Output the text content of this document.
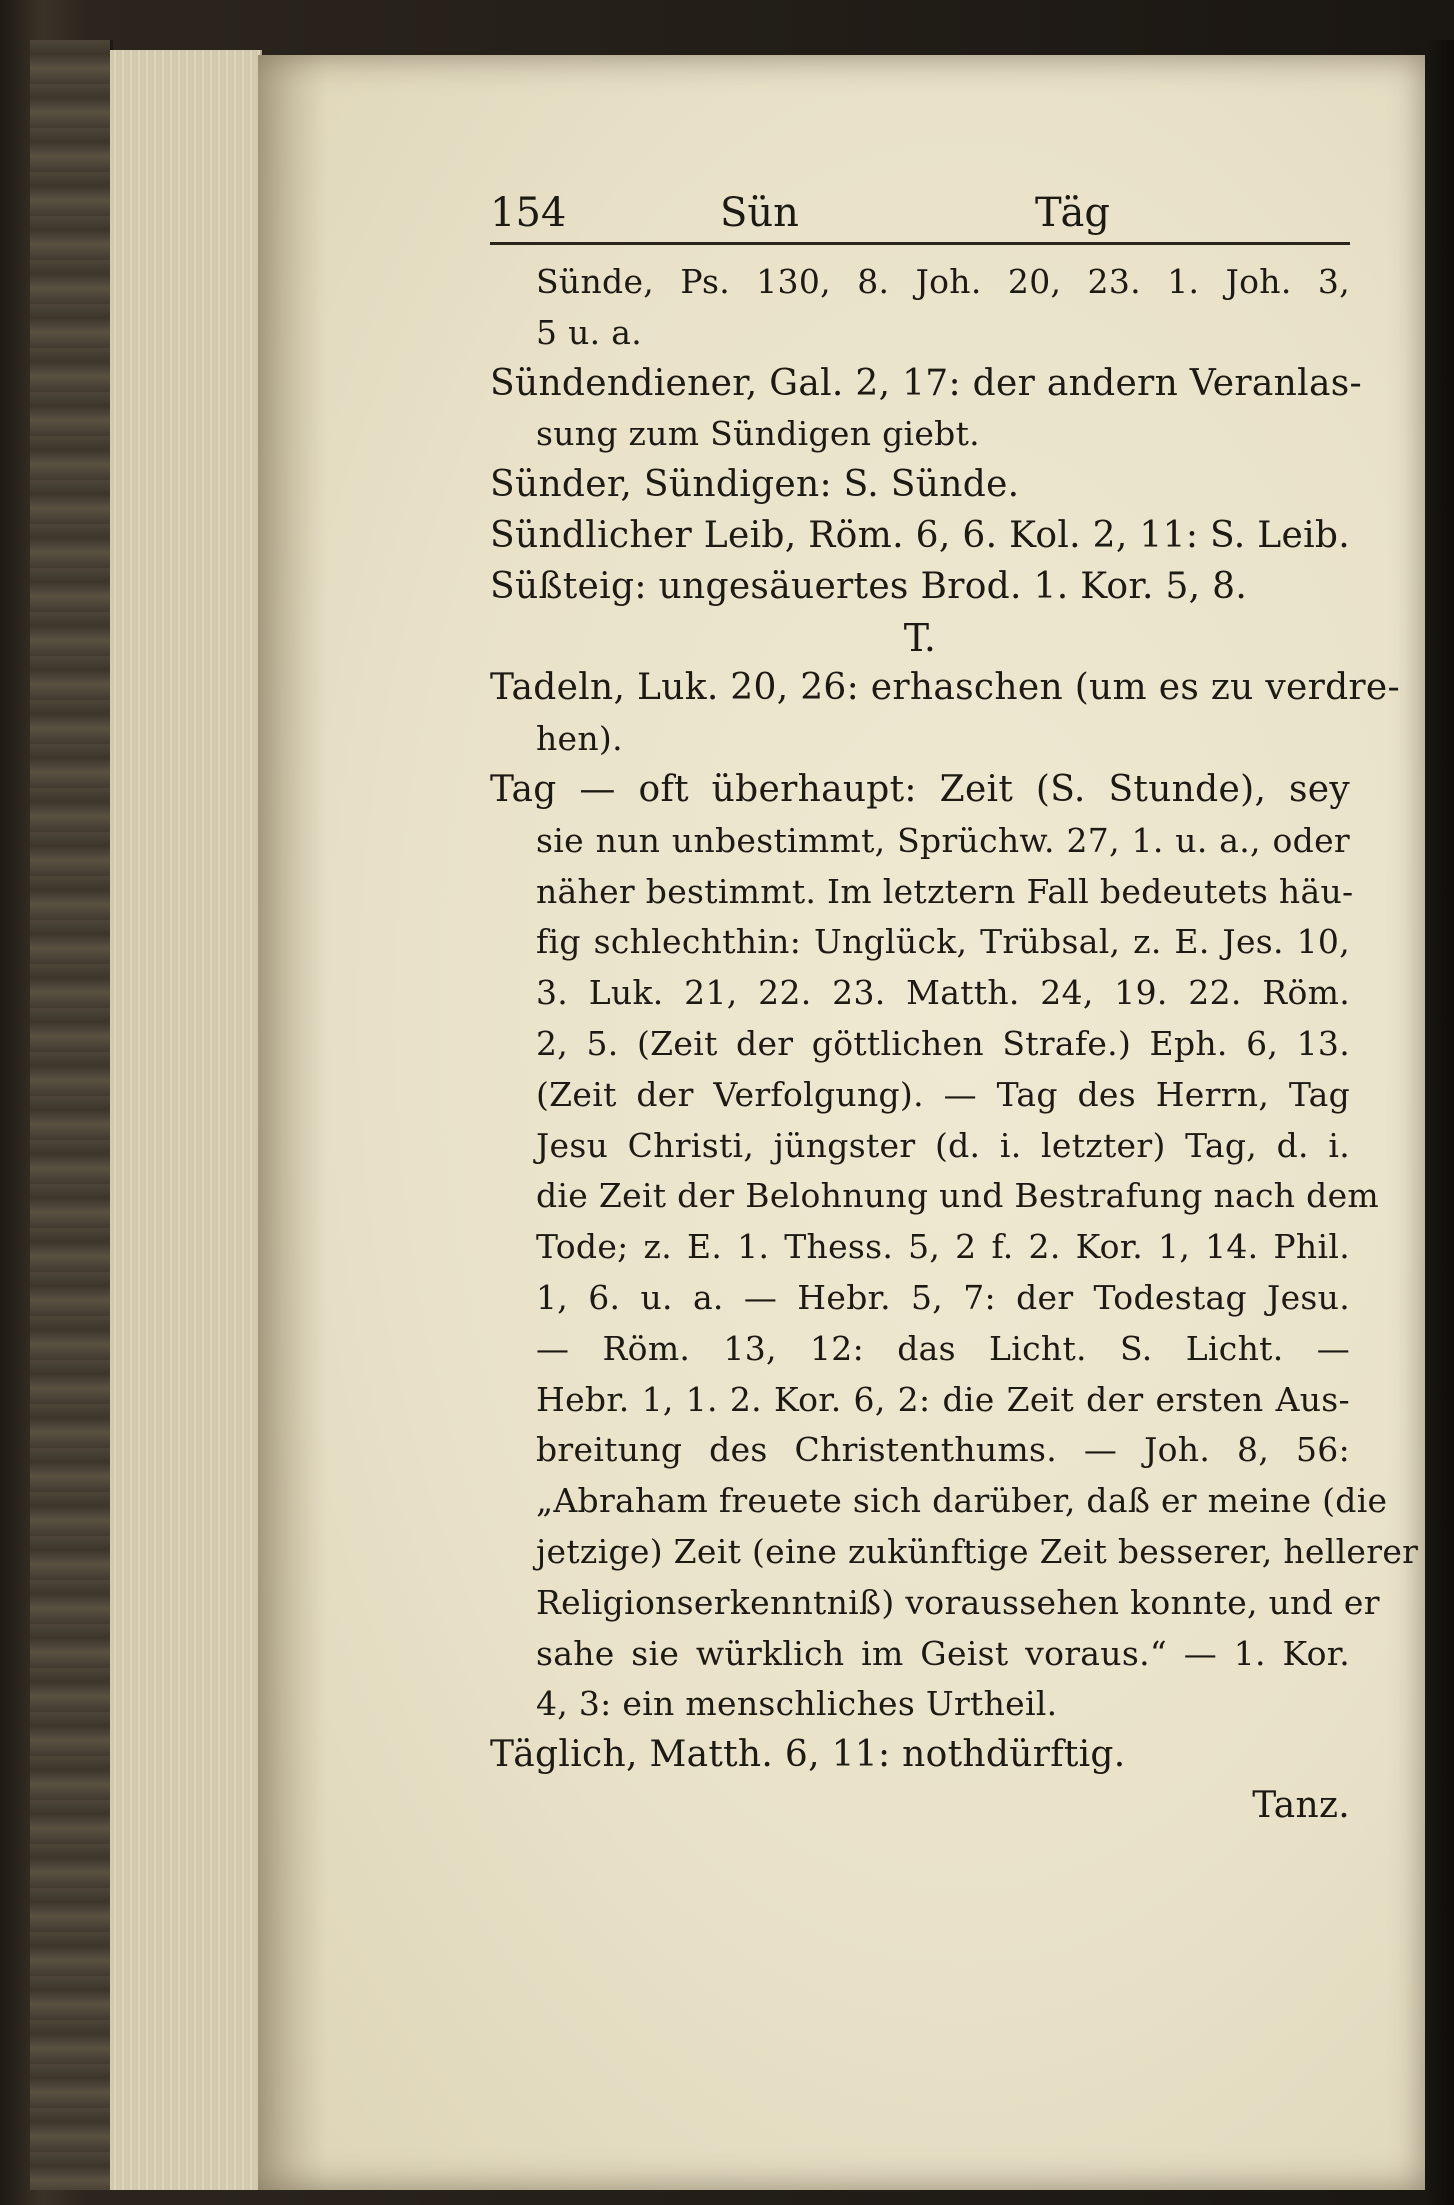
154	Sün	Täg
Sünde, Ps. 130, 8. Joh. 20, 23. 1. Joh. 3,
5 u. a.
Sündendiener, Gal. 2, 17: der andern Veranlas-
sung zum Sündigen giebt.
Sünder, Sündigen: S. Sünde.
Sündlicher Leib, Röm. 6, 6. Kol. 2, 11: S. Leib.
Süßteig: ungesäuertes Brod. 1. Kor. 5, 8.
T.
Tadeln, Luk. 20, 26: erhaschen (um es zu verdre-
hen).
Tag — oft überhaupt: Zeit (S. Stunde), sey
sie nun unbestimmt, Sprüchw. 27, 1. u. a., oder
näher bestimmt. Im letztern Fall bedeutets häu-
fig schlechthin: Unglück, Trübsal, z. E. Jes. 10,
3. Luk. 21, 22. 23. Matth. 24, 19. 22. Röm.
2, 5. (Zeit der göttlichen Strafe.) Eph. 6, 13.
(Zeit der Verfolgung). — Tag des Herrn, Tag
Jesu Christi, jüngster (d. i. letzter) Tag, d. i.
die Zeit der Belohnung und Bestrafung nach dem
Tode; z. E. 1. Thess. 5, 2 f. 2. Kor. 1, 14. Phil.
1, 6. u. a. — Hebr. 5, 7: der Todestag Jesu.
— Röm. 13, 12: das Licht. S. Licht. —
Hebr. 1, 1. 2. Kor. 6, 2: die Zeit der ersten Aus-
breitung des Christenthums. — Joh. 8, 56:
„Abraham freuete sich darüber, daß er meine (die
jetzige) Zeit (eine zukünftige Zeit besserer, hellerer
Religionserkenntniß) voraussehen konnte, und er
sahe sie würklich im Geist voraus.“ — 1. Kor.
4, 3: ein menschliches Urtheil.
Täglich, Matth. 6, 11: nothdürftig.
Tanz.
